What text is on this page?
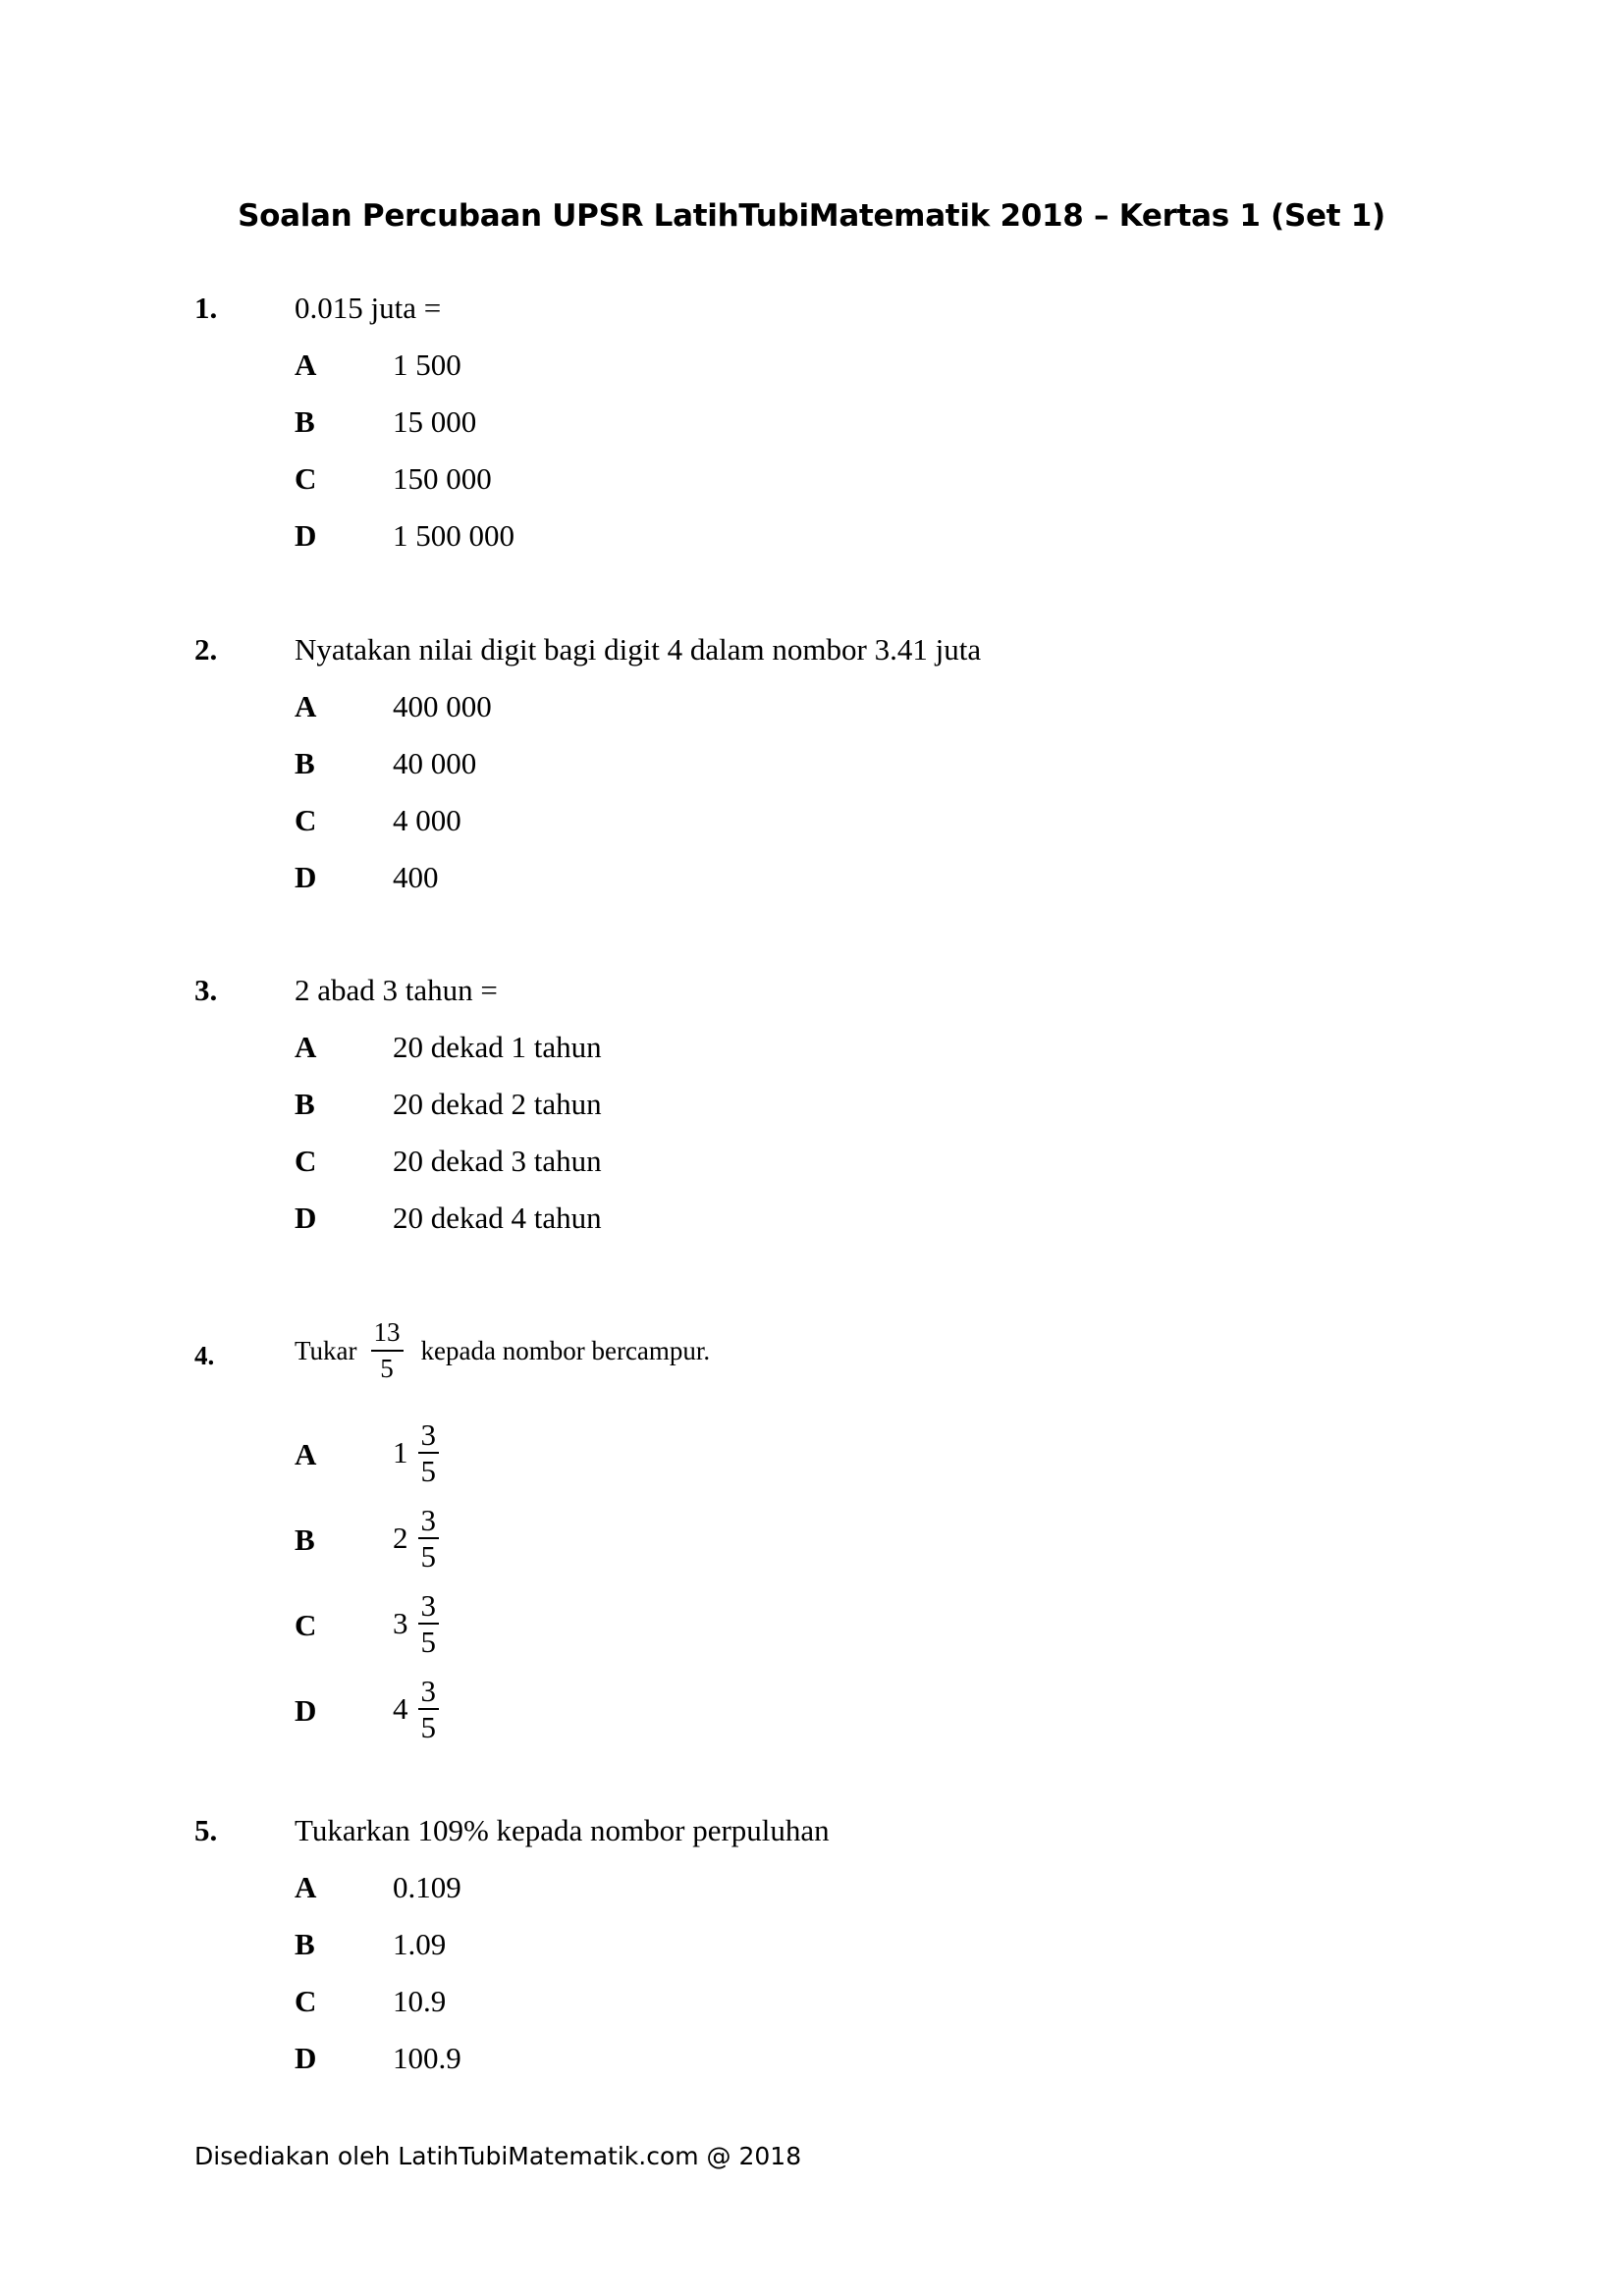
Soalan Percubaan UPSR LatihTubiMatematik 2018 – Kertas 1 (Set 1)
1.	0.015 juta =
A	1 500
B	15 000
C	150 000
D	1 500 000
2.	Nyatakan nilai digit bagi digit 4 dalam nombor 3.41 juta
A	400 000
B	40 000
C	4 000
D	400
3.	2 abad 3 tahun =
A	20 dekad 1 tahun
B	20 dekad 2 tahun
C	20 dekad 3 tahun
D	20 dekad 4 tahun
4.	Tukar $\frac{13}{5}$ kepada nombor bercampur.
A	$1 \frac{3}{5}$
B	$2 \frac{3}{5}$
C	$3 \frac{3}{5}$
D	$4 \frac{3}{5}$
5.	Tukarkan 109% kepada nombor perpuluhan
A	0.109
B	1.09
C	10.9
D	100.9
Disediakan oleh LatihTubiMatematik.com @ 2018
